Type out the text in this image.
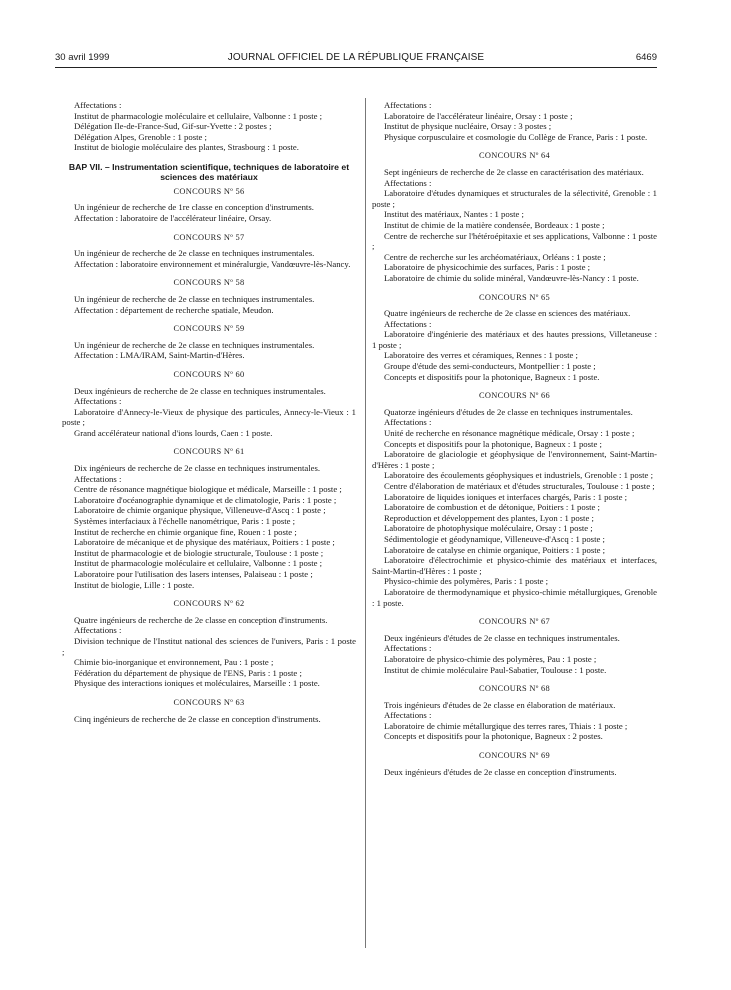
30 avril 1999	JOURNAL OFFICIEL DE LA RÉPUBLIQUE FRANÇAISE	6469

Affectations :

Institut de pharmacologie moléculaire et cellulaire, Valbonne : 1 poste ;

Délégation Ile-de-France-Sud, Gif-sur-Yvette : 2 postes ;

Délégation Alpes, Grenoble : 1 poste ;

Institut de biologie moléculaire des plantes, Strasbourg : 1 poste.

BAP VII. – Instrumentation scientifique, techniques de laboratoire et sciences des matériaux
CONCOURS Nº 56

Un ingénieur de recherche de 1re classe en conception d'instruments.

Affectation : laboratoire de l'accélérateur linéaire, Orsay.

CONCOURS Nº 57

Un ingénieur de recherche de 2e classe en techniques instrumentales.

Affectation : laboratoire environnement et minéralurgie, Vandœuvre-lès-Nancy.

CONCOURS Nº 58

Un ingénieur de recherche de 2e classe en techniques instrumentales.

Affectation : département de recherche spatiale, Meudon.

CONCOURS Nº 59

Un ingénieur de recherche de 2e classe en techniques instrumentales.

Affectation : LMA/IRAM, Saint-Martin-d'Hères.

CONCOURS Nº 60

Deux ingénieurs de recherche de 2e classe en techniques instrumentales.

Affectations :

Laboratoire d'Annecy-le-Vieux de physique des particules, Annecy-le-Vieux : 1 poste ;

Grand accélérateur national d'ions lourds, Caen : 1 poste.

CONCOURS Nº 61

Dix ingénieurs de recherche de 2e classe en techniques instrumentales.

Affectations :

Centre de résonance magnétique biologique et médicale, Marseille : 1 poste ;

Laboratoire d'océanographie dynamique et de climatologie, Paris : 1 poste ;

Laboratoire de chimie organique physique, Villeneuve-d'Ascq : 1 poste ;

Systèmes interfaciaux à l'échelle nanométrique, Paris : 1 poste ;

Institut de recherche en chimie organique fine, Rouen : 1 poste ;

Laboratoire de mécanique et de physique des matériaux, Poitiers : 1 poste ;

Institut de pharmacologie et de biologie structurale, Toulouse : 1 poste ;

Institut de pharmacologie moléculaire et cellulaire, Valbonne : 1 poste ;

Laboratoire pour l'utilisation des lasers intenses, Palaiseau : 1 poste ;

Institut de biologie, Lille : 1 poste.

CONCOURS Nº 62

Quatre ingénieurs de recherche de 2e classe en conception d'instruments.

Affectations :

Division technique de l'Institut national des sciences de l'univers, Paris : 1 poste ;

Chimie bio-inorganique et environnement, Pau : 1 poste ;

Fédération du département de physique de l'ENS, Paris : 1 poste ;

Physique des interactions ioniques et moléculaires, Marseille : 1 poste.

CONCOURS Nº 63

Cinq ingénieurs de recherche de 2e classe en conception d'instruments.

Affectations :

Laboratoire de l'accélérateur linéaire, Orsay : 1 poste ;

Institut de physique nucléaire, Orsay : 3 postes ;

Physique corpusculaire et cosmologie du Collège de France, Paris : 1 poste.

CONCOURS Nº 64

Sept ingénieurs de recherche de 2e classe en caractérisation des matériaux.

Affectations :

Laboratoire d'études dynamiques et structurales de la sélectivité, Grenoble : 1 poste ;

Institut des matériaux, Nantes : 1 poste ;

Institut de chimie de la matière condensée, Bordeaux : 1 poste ;

Centre de recherche sur l'hétéroépitaxie et ses applications, Valbonne : 1 poste ;

Centre de recherche sur les archéomatériaux, Orléans : 1 poste ;

Laboratoire de physicochimie des surfaces, Paris : 1 poste ;

Laboratoire de chimie du solide minéral, Vandœuvre-lès-Nancy : 1 poste.

CONCOURS Nº 65

Quatre ingénieurs de recherche de 2e classe en sciences des matériaux.

Affectations :

Laboratoire d'ingénierie des matériaux et des hautes pressions, Villetaneuse : 1 poste ;

Laboratoire des verres et céramiques, Rennes : 1 poste ;

Groupe d'étude des semi-conducteurs, Montpellier : 1 poste ;

Concepts et dispositifs pour la photonique, Bagneux : 1 poste.

CONCOURS Nº 66

Quatorze ingénieurs d'études de 2e classe en techniques instrumentales.

Affectations :

Unité de recherche en résonance magnétique médicale, Orsay : 1 poste ;

Concepts et dispositifs pour la photonique, Bagneux : 1 poste ;

Laboratoire de glaciologie et géophysique de l'environnement, Saint-Martin-d'Hères : 1 poste ;

Laboratoire des écoulements géophysiques et industriels, Grenoble : 1 poste ;

Centre d'élaboration de matériaux et d'études structurales, Toulouse : 1 poste ;

Laboratoire de liquides ioniques et interfaces chargés, Paris : 1 poste ;

Laboratoire de combustion et de détonique, Poitiers : 1 poste ;

Reproduction et développement des plantes, Lyon : 1 poste ;

Laboratoire de photophysique moléculaire, Orsay : 1 poste ;

Sédimentologie et géodynamique, Villeneuve-d'Ascq : 1 poste ;

Laboratoire de catalyse en chimie organique, Poitiers : 1 poste ;

Laboratoire d'électrochimie et physico-chimie des matériaux et interfaces, Saint-Martin-d'Hères : 1 poste ;

Physico-chimie des polymères, Paris : 1 poste ;

Laboratoire de thermodynamique et physico-chimie métallurgiques, Grenoble : 1 poste.

CONCOURS Nº 67

Deux ingénieurs d'études de 2e classe en techniques instrumentales.

Affectations :

Laboratoire de physico-chimie des polymères, Pau : 1 poste ;

Institut de chimie moléculaire Paul-Sabatier, Toulouse : 1 poste.

CONCOURS Nº 68

Trois ingénieurs d'études de 2e classe en élaboration de matériaux.

Affectations :

Laboratoire de chimie métallurgique des terres rares, Thiais : 1 poste ;

Concepts et dispositifs pour la photonique, Bagneux : 2 postes.

CONCOURS Nº 69

Deux ingénieurs d'études de 2e classe en conception d'instruments.
